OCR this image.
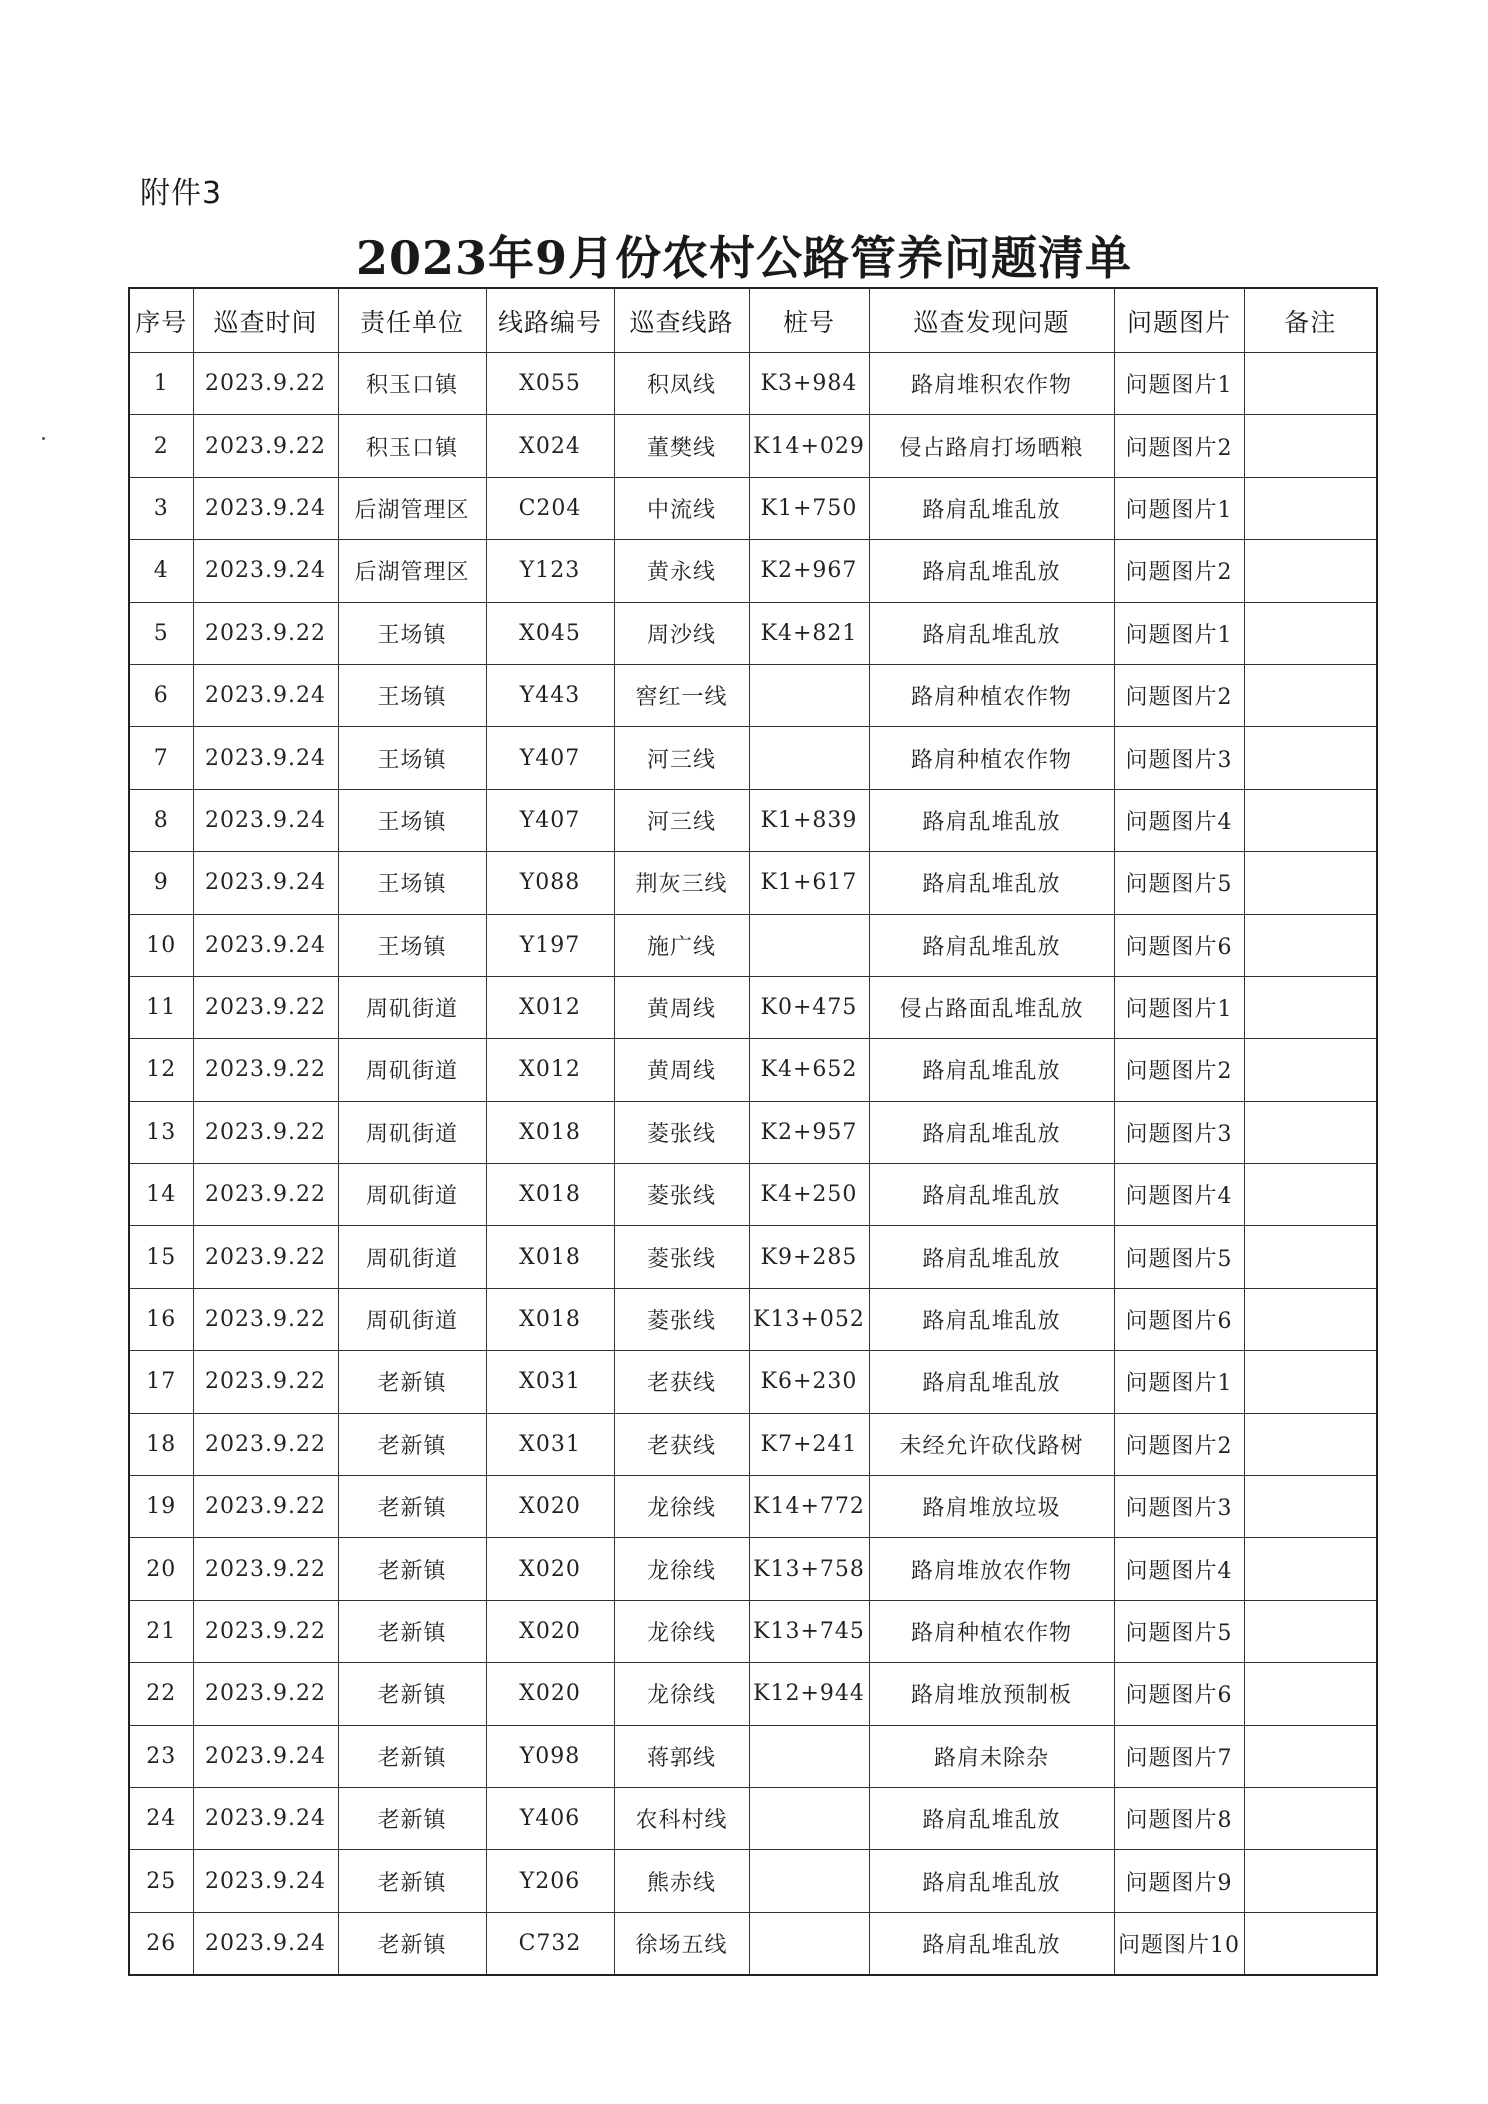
附件3
2023年9月份农村公路管养问题清单
序号	巡查时间	责任单位	线路编号	巡查线路	桩号	巡查发现问题	问题图片	备注
1	2023.9.22	积玉口镇	X055	积凤线	K3+984	路肩堆积农作物	问题图片1	
2	2023.9.22	积玉口镇	X024	董樊线	K14+029	侵占路肩打场晒粮	问题图片2	
3	2023.9.24	后湖管理区	C204	中流线	K1+750	路肩乱堆乱放	问题图片1	
4	2023.9.24	后湖管理区	Y123	黄永线	K2+967	路肩乱堆乱放	问题图片2	
5	2023.9.22	王场镇	X045	周沙线	K4+821	路肩乱堆乱放	问题图片1	
6	2023.9.24	王场镇	Y443	窖红一线		路肩种植农作物	问题图片2	
7	2023.9.24	王场镇	Y407	河三线		路肩种植农作物	问题图片3	
8	2023.9.24	王场镇	Y407	河三线	K1+839	路肩乱堆乱放	问题图片4	
9	2023.9.24	王场镇	Y088	荆灰三线	K1+617	路肩乱堆乱放	问题图片5	
10	2023.9.24	王场镇	Y197	施广线		路肩乱堆乱放	问题图片6	
11	2023.9.22	周矶街道	X012	黄周线	K0+475	侵占路面乱堆乱放	问题图片1	
12	2023.9.22	周矶街道	X012	黄周线	K4+652	路肩乱堆乱放	问题图片2	
13	2023.9.22	周矶街道	X018	菱张线	K2+957	路肩乱堆乱放	问题图片3	
14	2023.9.22	周矶街道	X018	菱张线	K4+250	路肩乱堆乱放	问题图片4	
15	2023.9.22	周矶街道	X018	菱张线	K9+285	路肩乱堆乱放	问题图片5	
16	2023.9.22	周矶街道	X018	菱张线	K13+052	路肩乱堆乱放	问题图片6	
17	2023.9.22	老新镇	X031	老获线	K6+230	路肩乱堆乱放	问题图片1	
18	2023.9.22	老新镇	X031	老获线	K7+241	未经允许砍伐路树	问题图片2	
19	2023.9.22	老新镇	X020	龙徐线	K14+772	路肩堆放垃圾	问题图片3	
20	2023.9.22	老新镇	X020	龙徐线	K13+758	路肩堆放农作物	问题图片4	
21	2023.9.22	老新镇	X020	龙徐线	K13+745	路肩种植农作物	问题图片5	
22	2023.9.22	老新镇	X020	龙徐线	K12+944	路肩堆放预制板	问题图片6	
23	2023.9.24	老新镇	Y098	蒋郭线		路肩未除杂	问题图片7	
24	2023.9.24	老新镇	Y406	农科村线		路肩乱堆乱放	问题图片8	
25	2023.9.24	老新镇	Y206	熊赤线		路肩乱堆乱放	问题图片9	
26	2023.9.24	老新镇	C732	徐场五线		路肩乱堆乱放	问题图片10	
